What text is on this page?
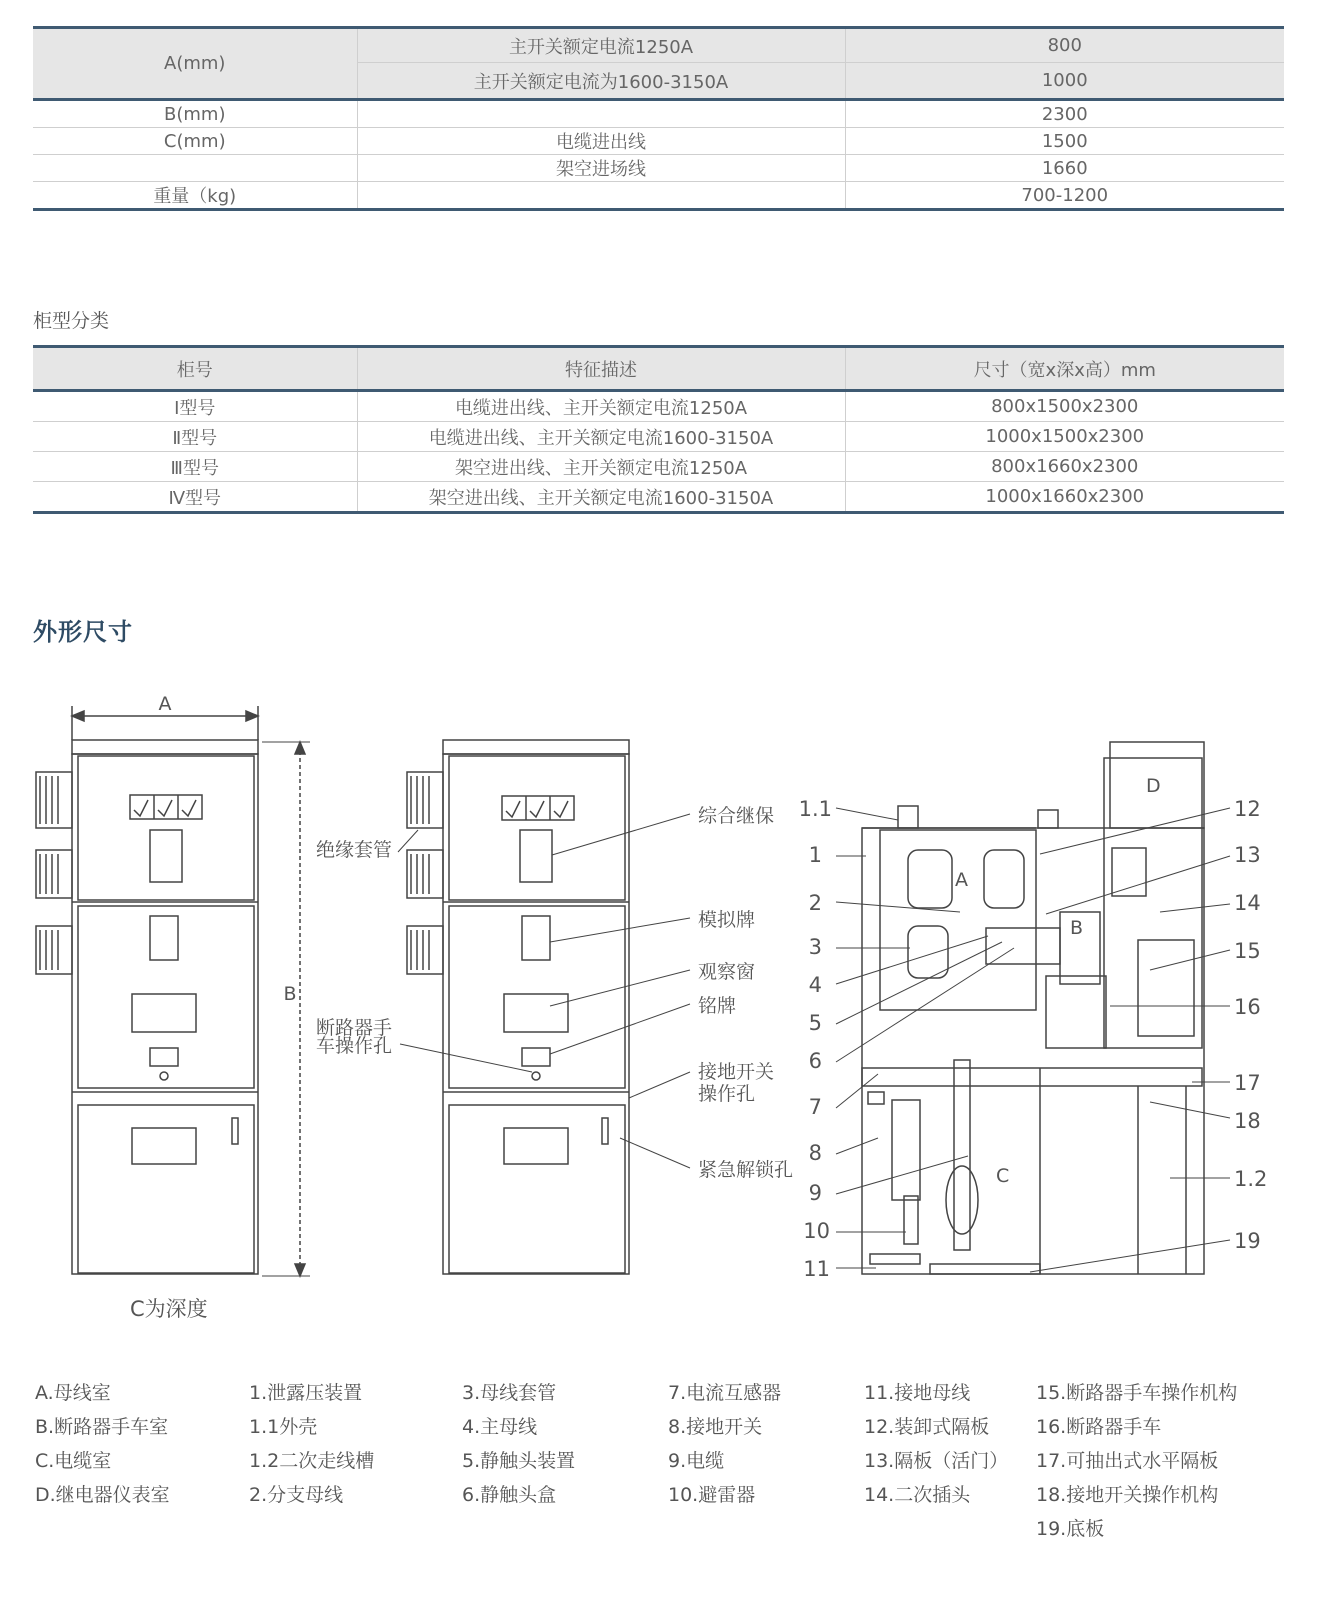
A(mm)	主开关额定电流1250A	800
	主开关额定电流为1600-3150A	1000
B(mm)		2300
C(mm)	电缆进出线	1500
	架空进场线	1660
重量（kg)		700-1200
柜型分类
柜号	特征描述	尺寸（宽x深x高）mm
Ⅰ型号	电缆进出线、主开关额定电流1250A	800x1500x2300
Ⅱ型号	电缆进出线、主开关额定电流1600-3150A	1000x1500x2300
Ⅲ型号	架空进出线、主开关额定电流1250A	800x1660x2300
Ⅳ型号	架空进出线、主开关额定电流1600-3150A	1000x1660x2300
外形尺寸
A
B
C为深度
综合继保
绝缘套管
模拟牌
观察窗
铭牌
断路器手
车操作孔
接地开关
操作孔
紧急解锁孔
A
B
C
D
1.1
1
2
3
4
5
6
7
8
9
10
11
12
13
14
15
16
17
18
1.2
19
A.母线室
B.断路器手车室
C.电缆室
D.继电器仪表室
1.泄露压装置
1.1外壳
1.2二次走线槽
2.分支母线
3.母线套管
4.主母线
5.静触头装置
6.静触头盒
7.电流互感器
8.接地开关
9.电缆
10.避雷器
11.接地母线
12.装卸式隔板
13.隔板（活门）
14.二次插头
15.断路器手车操作机构
16.断路器手车
17.可抽出式水平隔板
18.接地开关操作机构
19.底板
